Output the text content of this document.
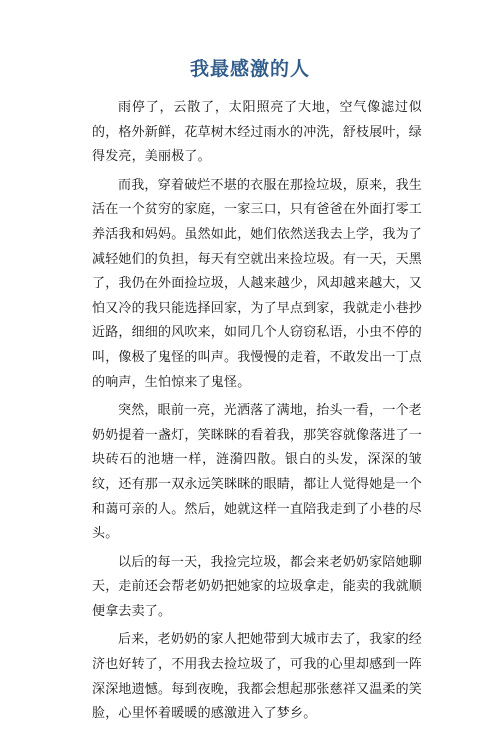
我最感激的人

雨停了，云散了，太阳照亮了大地，空气像滤过似的，格外新鲜，花草树木经过雨水的冲洗，舒枝展叶，绿得发亮，美丽极了。

而我，穿着破烂不堪的衣服在那捡垃圾，原来，我生活在一个贫穷的家庭，一家三口，只有爸爸在外面打零工养活我和妈妈。虽然如此，她们依然送我去上学，我为了减轻她们的负担，每天有空就出来捡垃圾。有一天，天黑了，我仍在外面捡垃圾，人越来越少，风却越来越大，又怕又冷的我只能选择回家，为了早点到家，我就走小巷抄近路，细细的风吹来，如同几个人窃窃私语，小虫不停的叫，像极了鬼怪的叫声。我慢慢的走着，不敢发出一丁点的响声，生怕惊来了鬼怪。

突然，眼前一亮，光洒落了满地，抬头一看，一个老奶奶提着一盏灯，笑眯眯的看着我，那笑容就像落进了一块砖石的池塘一样，涟漪四散。银白的头发，深深的皱纹，还有那一双永远笑眯眯的眼睛，都让人觉得她是一个和蔼可亲的人。然后，她就这样一直陪我走到了小巷的尽头。

以后的每一天，我捡完垃圾，都会来老奶奶家陪她聊天，走前还会帮老奶奶把她家的垃圾拿走，能卖的我就顺便拿去卖了。

后来，老奶奶的家人把她带到大城市去了，我家的经济也好转了，不用我去捡垃圾了，可我的心里却感到一阵深深地遗憾。每到夜晚，我都会想起那张慈祥又温柔的笑脸，心里怀着暖暖的感激进入了梦乡。
